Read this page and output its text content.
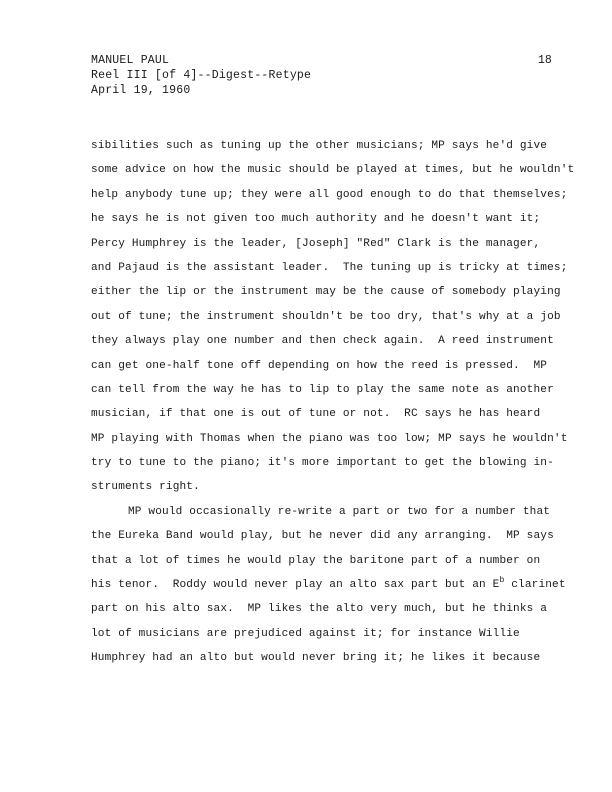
MANUEL PAUL
Reel III [of 4]--Digest--Retype
April 19, 1960
18
sibilities such as tuning up the other musicians; MP says he'd give
some advice on how the music should be played at times, but he wouldn't
help anybody tune up; they were all good enough to do that themselves;
he says he is not given too much authority and he doesn't want it;
Percy Humphrey is the leader, [Joseph] "Red" Clark is the manager,
and Pajaud is the assistant leader.  The tuning up is tricky at times;
either the lip or the instrument may be the cause of somebody playing
out of tune; the instrument shouldn't be too dry, that's why at a job
they always play one number and then check again.  A reed instrument
can get one-half tone off depending on how the reed is pressed.  MP
can tell from the way he has to lip to play the same note as another
musician, if that one is out of tune or not.  RC says he has heard
MP playing with Thomas when the piano was too low; MP says he wouldn't
try to tune to the piano; it's more important to get the blowing in-
struments right.
MP would occasionally re-write a part or two for a number that
the Eureka Band would play, but he never did any arranging.  MP says
that a lot of times he would play the baritone part of a number on
his tenor.  Roddy would never play an alto sax part but an $E^b$ clarinet
part on his alto sax.  MP likes the alto very much, but he thinks a
lot of musicians are prejudiced against it; for instance Willie
Humphrey had an alto but would never bring it; he likes it because
